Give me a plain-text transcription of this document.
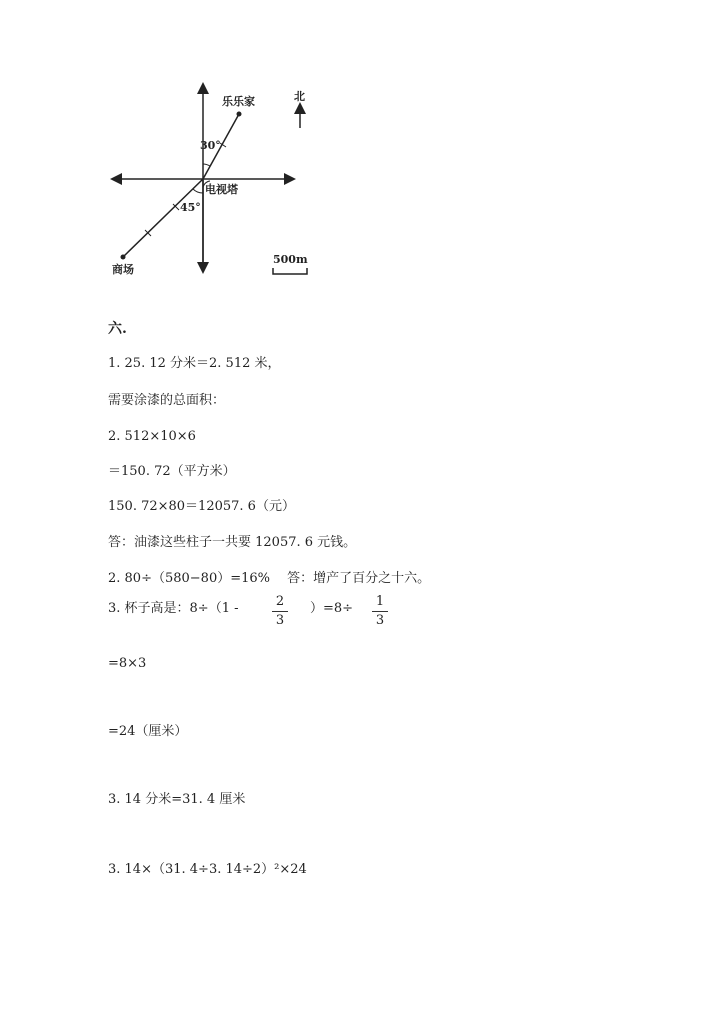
乐乐家	北
30°
电视塔
45°
500m
商场
六.
1. 25. 12 分米＝2. 512 米，
需要涂漆的总面积：
2. 512×10×6
＝150. 72（平方米）
150. 72×80＝12057. 6（元）
答：油漆这些柱子一共要 12057. 6 元钱。
2. 80÷（580−80）=16%　 答：增产了百分之十六。
3. 杯子高是：8÷（1 -	2
3
）=8÷ 1
3
=8×3
=24（厘米）
3. 14 分米=31. 4 厘米
3. 14×（31. 4÷3. 14÷2）²×24
